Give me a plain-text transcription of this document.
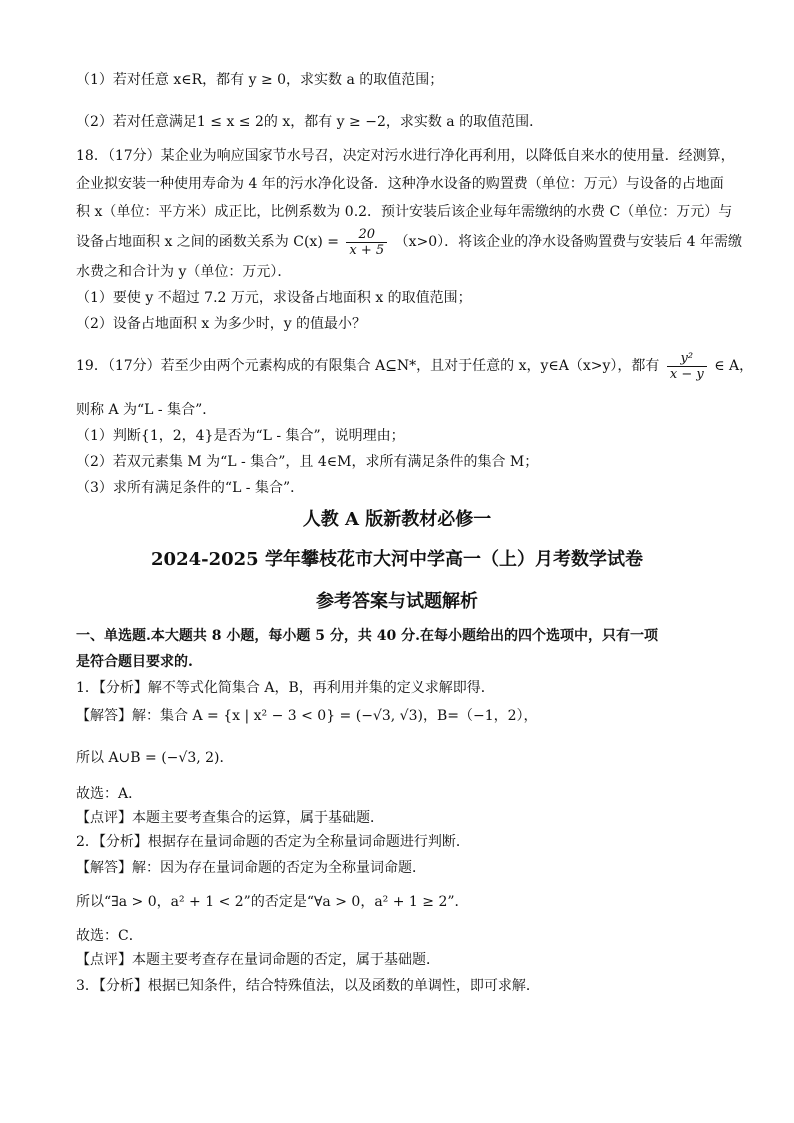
（1）若对任意 x∈R，都有 y ≥ 0，求实数 a 的取值范围；
（2）若对任意满足1 ≤ x ≤ 2的 x，都有 y ≥ −2，求实数 a 的取值范围．
18．（17分）某企业为响应国家节水号召，决定对污水进行净化再利用，以降低自来水的使用量．经测算，
企业拟安装一种使用寿命为 4 年的污水净化设备．这种净水设备的购置费（单位：万元）与设备的占地面
积 x（单位：平方米）成正比，比例系数为 0.2．预计安装后该企业每年需缴纳的水费 C（单位：万元）与
设备占地面积 x 之间的函数关系为 $C(x) = \frac{20}{x + 5} (x>0)$．将该企业的净水设备购置费与安装后 4 年需缴
水费之和合计为 y（单位：万元）．
（1）要使 y 不超过 7.2 万元，求设备占地面积 x 的取值范围；
（2）设备占地面积 x 为多少时，y 的值最小？
19．（17分）若至少由两个元素构成的有限集合 A⊆N*，且对于任意的 x，y∈A（x>y），都有 $\frac{\text{y²}}{x - y}$ ∈ A，
则称 A 为“L - 集合”．
（1）判断{1，2，4}是否为“L - 集合”，说明理由；
（2）若双元素集 M 为“L - 集合”，且 4∈M，求所有满足条件的集合 M；
（3）求所有满足条件的“L - 集合”．
人教 A 版新教材必修一
2024-2025 学年攀枝花市大河中学高一（上）月考数学试卷
参考答案与试题解析
一、单选题.本大题共 8 小题，每小题 5 分，共 40 分.在每小题给出的四个选项中，只有一项
是符合题目要求的.
1．【分析】解不等式化简集合 A，B，再利用并集的定义求解即得．
【解答】解：集合 A = {x | x² − 3 < 0} = (−√3, √3)，B=（−1，2），
所以 A∪B = (−√3, 2)．
故选：A．
【点评】本题主要考查集合的运算，属于基础题．
2．【分析】根据存在量词命题的否定为全称量词命题进行判断．
【解答】解：因为存在量词命题的否定为全称量词命题．
所以“∃a > 0，a² + 1 < 2”的否定是“∀a > 0，a² + 1 ≥ 2”．
故选：C．
【点评】本题主要考查存在量词命题的否定，属于基础题．
3．【分析】根据已知条件，结合特殊值法，以及函数的单调性，即可求解．
